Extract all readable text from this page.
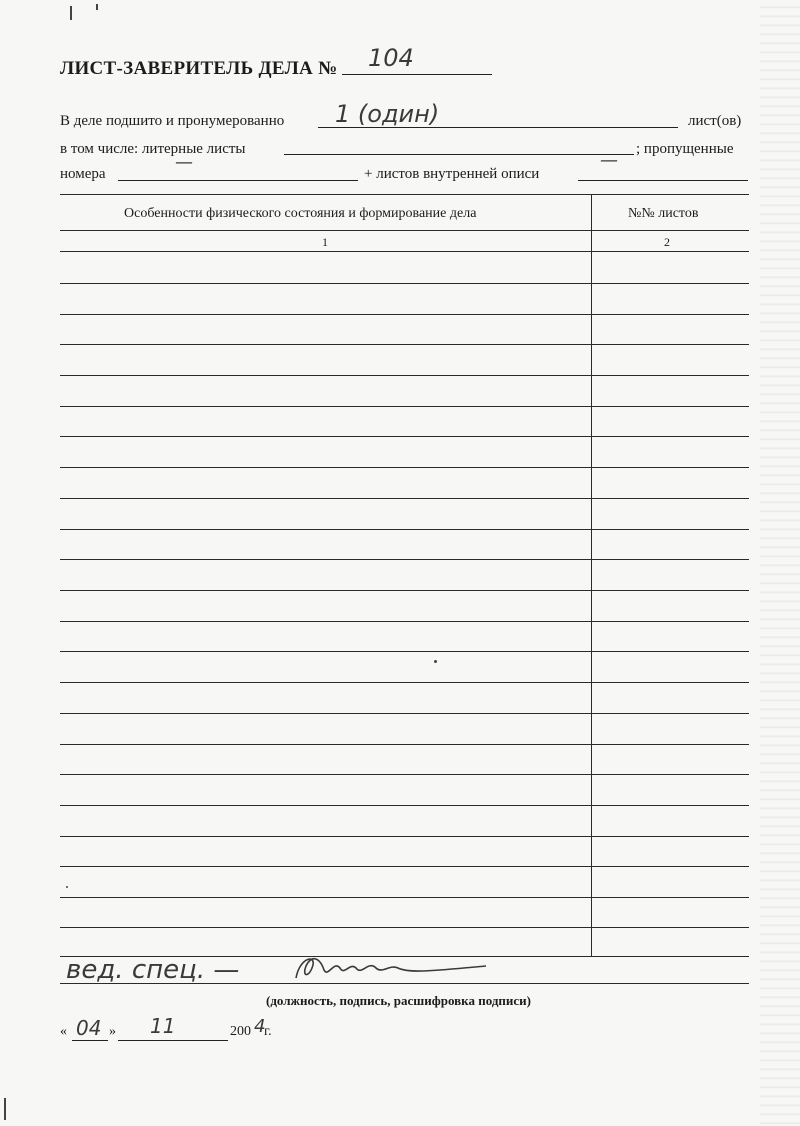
ЛИСТ-ЗАВЕРИТЕЛЬ ДЕЛА № 104
В деле подшито и пронумерованно 1 (один)	лист(ов)
в том числе: литерные листы	; пропущенные
номера
—
+ листов внутренней описи
—
Особенности физического состояния и формирование дела	№№ листов
1	2
вед. спец. —
(должность, подпись, расшифровка подписи)
« 04 » 11	200 4
г.
